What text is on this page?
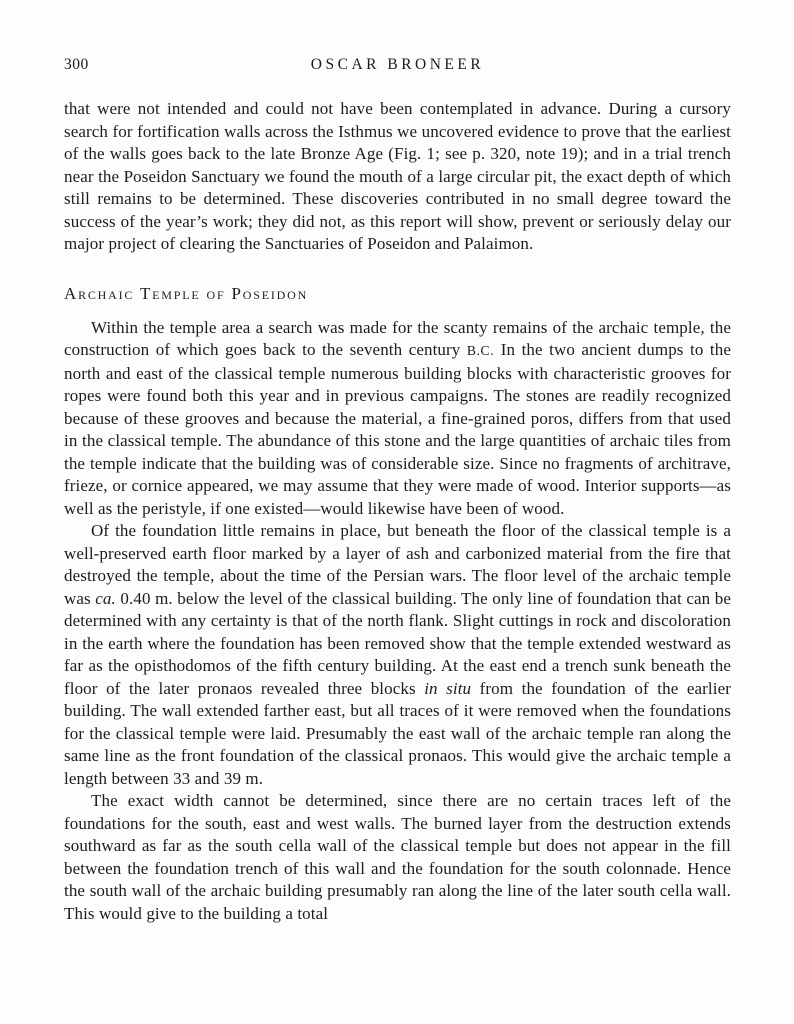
300	OSCAR BRONEER

that were not intended and could not have been contemplated in advance. During a cursory search for fortification walls across the Isthmus we uncovered evidence to prove that the earliest of the walls goes back to the late Bronze Age (Fig. 1; see p. 320, note 19); and in a trial trench near the Poseidon Sanctuary we found the mouth of a large circular pit, the exact depth of which still remains to be determined. These discoveries contributed in no small degree toward the success of the year’s work; they did not, as this report will show, prevent or seriously delay our major project of clearing the Sanctuaries of Poseidon and Palaimon.

Archaic Temple of Poseidon

Within the temple area a search was made for the scanty remains of the archaic temple, the construction of which goes back to the seventh century B.C. In the two ancient dumps to the north and east of the classical temple numerous building blocks with characteristic grooves for ropes were found both this year and in previous campaigns. The stones are readily recognized because of these grooves and because the material, a fine-grained poros, differs from that used in the classical temple. The abundance of this stone and the large quantities of archaic tiles from the temple indicate that the building was of considerable size. Since no fragments of architrave, frieze, or cornice appeared, we may assume that they were made of wood. Interior supports—as well as the peristyle, if one existed—would likewise have been of wood.

Of the foundation little remains in place, but beneath the floor of the classical temple is a well-preserved earth floor marked by a layer of ash and carbonized material from the fire that destroyed the temple, about the time of the Persian wars. The floor level of the archaic temple was ca. 0.40 m. below the level of the classical building. The only line of foundation that can be determined with any certainty is that of the north flank. Slight cuttings in rock and discoloration in the earth where the foundation has been removed show that the temple extended westward as far as the opisthodomos of the fifth century building. At the east end a trench sunk beneath the floor of the later pronaos revealed three blocks in situ from the foundation of the earlier building. The wall extended farther east, but all traces of it were removed when the foundations for the classical temple were laid. Presumably the east wall of the archaic temple ran along the same line as the front foundation of the classical pronaos. This would give the archaic temple a length between 33 and 39 m.

The exact width cannot be determined, since there are no certain traces left of the foundations for the south, east and west walls. The burned layer from the destruction extends southward as far as the south cella wall of the classical temple but does not appear in the fill between the foundation trench of this wall and the foundation for the south colonnade. Hence the south wall of the archaic building presumably ran along the line of the later south cella wall. This would give to the building a total
